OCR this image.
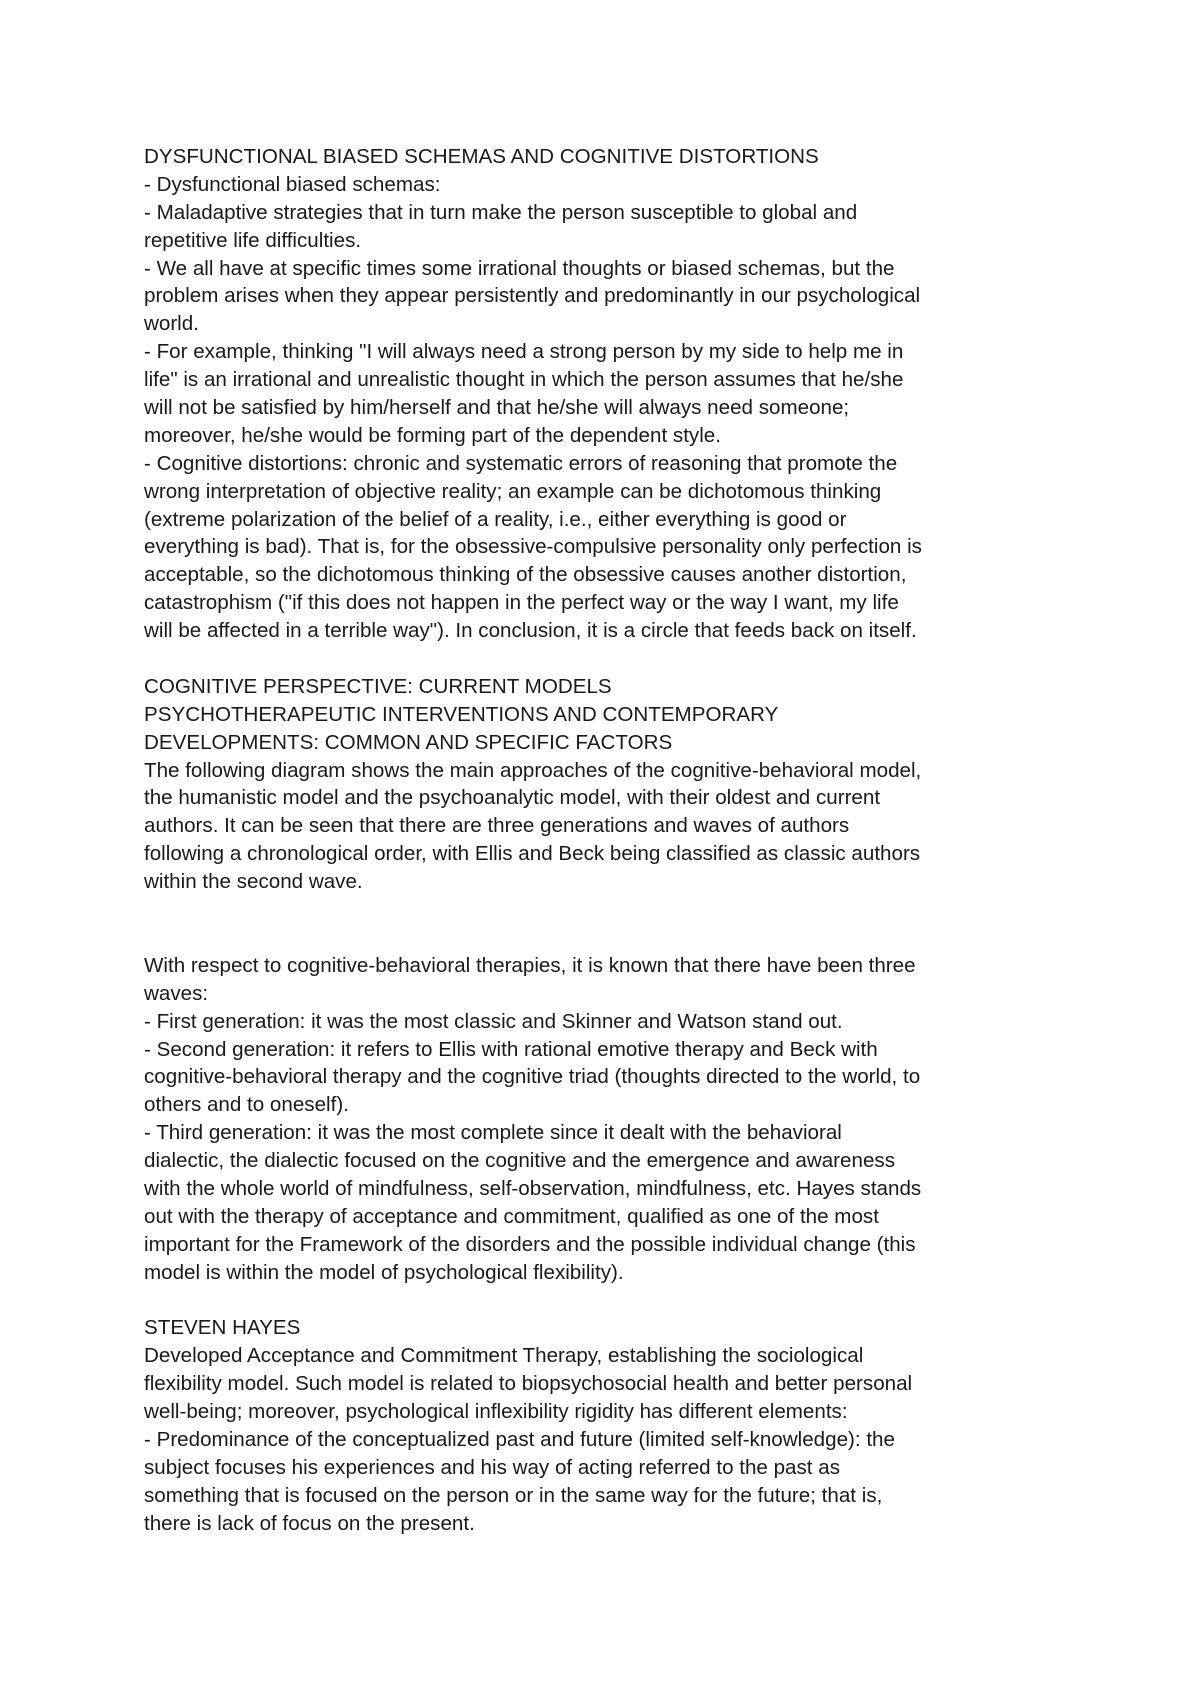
DYSFUNCTIONAL BIASED SCHEMAS AND COGNITIVE DISTORTIONS
- Dysfunctional biased schemas:
- Maladaptive strategies that in turn make the person susceptible to global and
repetitive life difficulties.
- We all have at specific times some irrational thoughts or biased schemas, but the
problem arises when they appear persistently and predominantly in our psychological
world.
- For example, thinking "I will always need a strong person by my side to help me in
life" is an irrational and unrealistic thought in which the person assumes that he/she
will not be satisfied by him/herself and that he/she will always need someone;
moreover, he/she would be forming part of the dependent style.
- Cognitive distortions: chronic and systematic errors of reasoning that promote the
wrong interpretation of objective reality; an example can be dichotomous thinking
(extreme polarization of the belief of a reality, i.e., either everything is good or
everything is bad). That is, for the obsessive-compulsive personality only perfection is
acceptable, so the dichotomous thinking of the obsessive causes another distortion,
catastrophism ("if this does not happen in the perfect way or the way I want, my life
will be affected in a terrible way"). In conclusion, it is a circle that feeds back on itself.
COGNITIVE PERSPECTIVE: CURRENT MODELS
PSYCHOTHERAPEUTIC INTERVENTIONS AND CONTEMPORARY
DEVELOPMENTS: COMMON AND SPECIFIC FACTORS
The following diagram shows the main approaches of the cognitive-behavioral model,
the humanistic model and the psychoanalytic model, with their oldest and current
authors. It can be seen that there are three generations and waves of authors
following a chronological order, with Ellis and Beck being classified as classic authors
within the second wave.
With respect to cognitive-behavioral therapies, it is known that there have been three
waves:
- First generation: it was the most classic and Skinner and Watson stand out.
- Second generation: it refers to Ellis with rational emotive therapy and Beck with
cognitive-behavioral therapy and the cognitive triad (thoughts directed to the world, to
others and to oneself).
- Third generation: it was the most complete since it dealt with the behavioral
dialectic, the dialectic focused on the cognitive and the emergence and awareness
with the whole world of mindfulness, self-observation, mindfulness, etc. Hayes stands
out with the therapy of acceptance and commitment, qualified as one of the most
important for the Framework of the disorders and the possible individual change (this
model is within the model of psychological flexibility).
STEVEN HAYES
Developed Acceptance and Commitment Therapy, establishing the sociological
flexibility model. Such model is related to biopsychosocial health and better personal
well-being; moreover, psychological inflexibility rigidity has different elements:
- Predominance of the conceptualized past and future (limited self-knowledge): the
subject focuses his experiences and his way of acting referred to the past as
something that is focused on the person or in the same way for the future; that is,
there is lack of focus on the present.
